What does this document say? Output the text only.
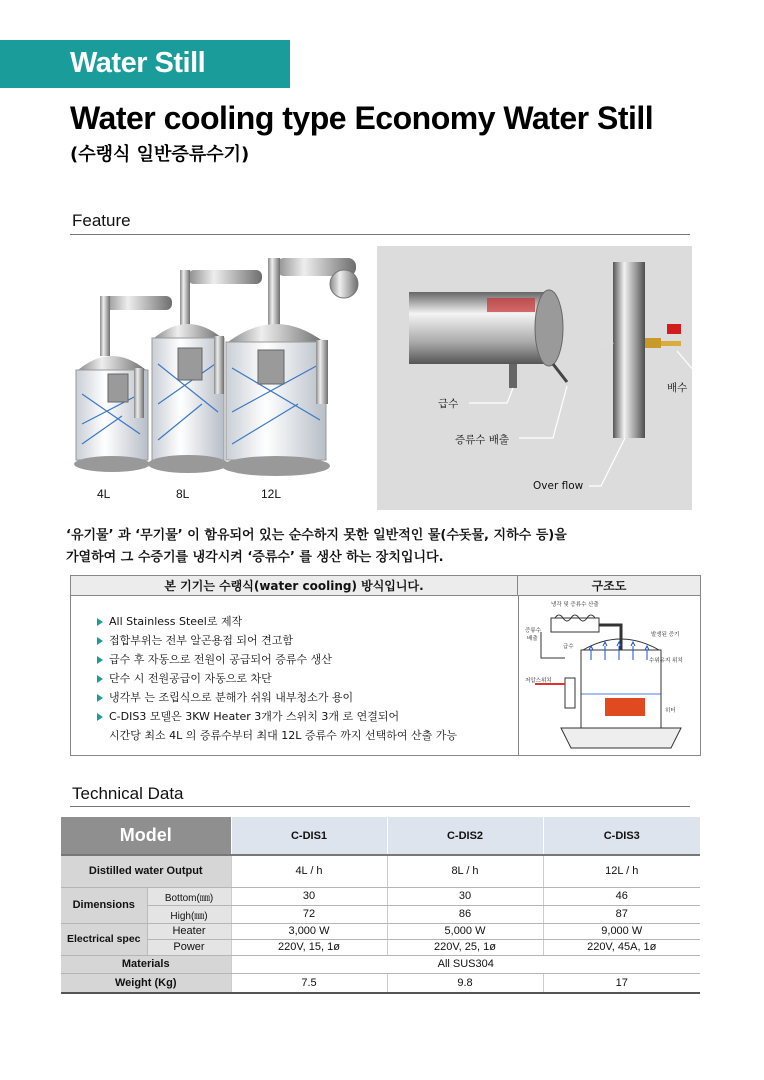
Water Still
Water cooling type Economy Water Still
(수랭식 일반증류수기)
Feature
4L	8L	12L
급수
증류수 배출
Over flow
배수
‘유기물’ 과 ‘무기물’ 이 함유되어 있는 순수하지 못한 일반적인 물(수돗물, 지하수 등)을
가열하여 그 수증기를 냉각시켜 ‘증류수’ 를 생산 하는 장치입니다.
본 기기는 수랭식(water cooling) 방식입니다.	구조도
All Stainless Steel로 제작
접합부위는 전부 알곤용접 되어 견고함
급수 후 자동으로 전원이 공급되어 증류수 생산
단수 시 전원공급이 자동으로 차단
냉각부 는 조립식으로 분해가 쉬워 내부청소가 용이
C-DIS3 모델은 3KW Heater 3개가 스위치 3개 로 연결되어
시간당 최소 4L 의 증류수부터 최대 12L 증류수 까지 선택하여 산출 가능
냉각 및 증류수 산출
증류수
배출
급수
발생된 증기
수위유지 위치
저압스위치
히터
Technical Data
Model		C-DIS1	C-DIS2	C-DIS3
Distilled water Output		4L / h	8L / h	12L / h
Dimensions	Bottom(㎜)	30	30	46
	High(㎜)	72	86	87
Electrical spec	Heater	3,000 W	5,000 W	9,000 W
	Power	220V, 15, 1ø	220V, 25, 1ø	220V, 45A, 1ø
Materials		All SUS304		
Weight (Kg)		7.5	9.8	17
